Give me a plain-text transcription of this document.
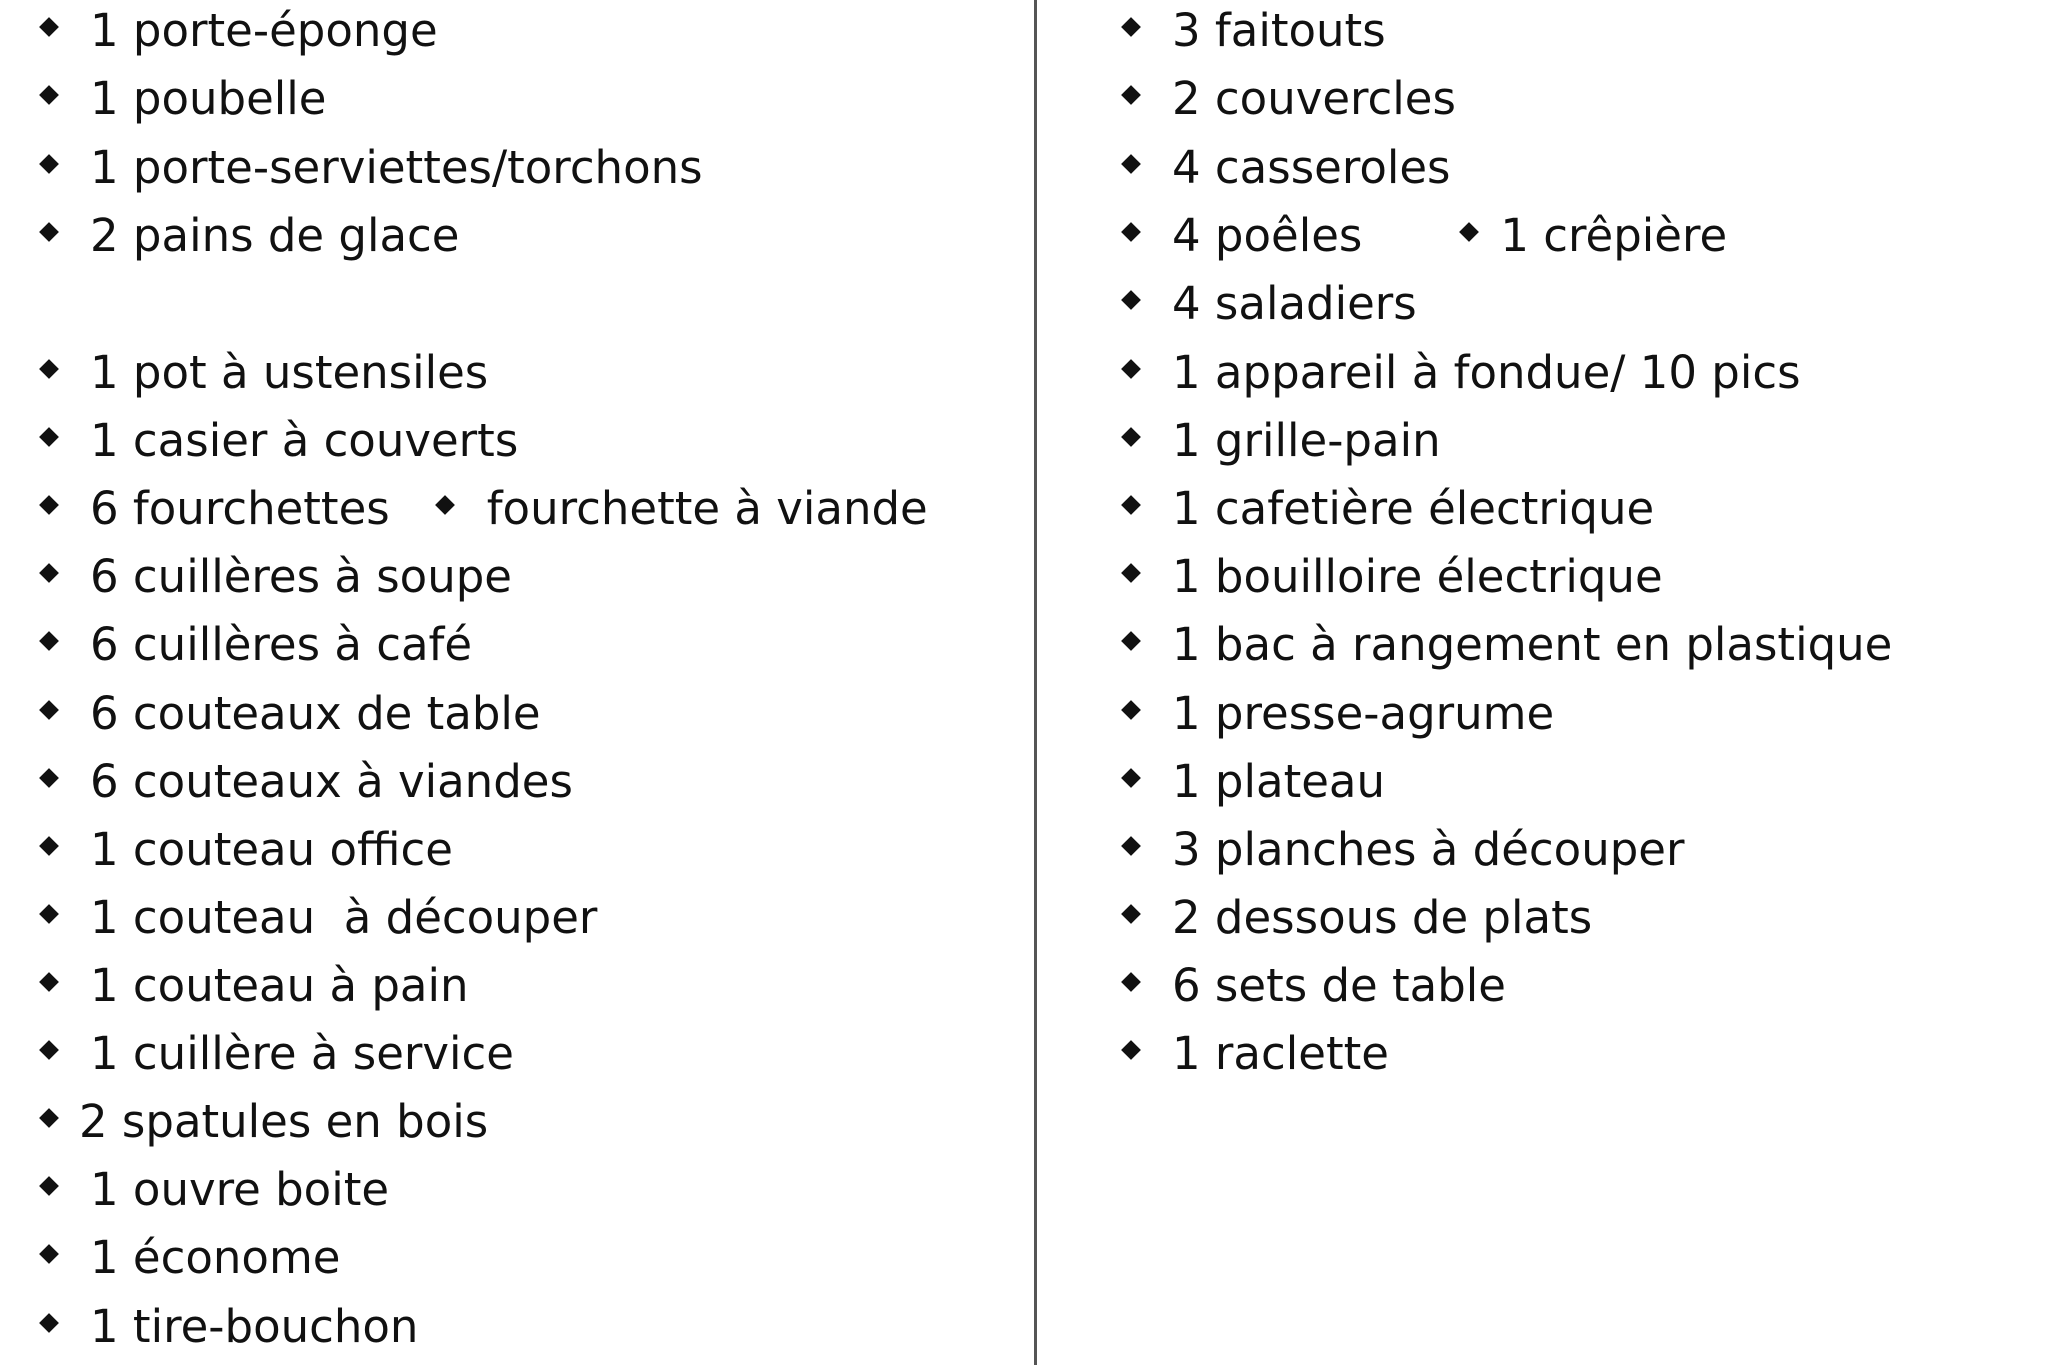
1 porte-éponge
1 poubelle
1 porte-serviettes/torchons
2 pains de glace
1 pot à ustensiles
1 casier à couverts
6 fourchettes fourchette à viande
6 cuillères à soupe
6 cuillères à café
6 couteaux de table
6 couteaux à viandes
1 couteau office
1 couteau  à découper
1 couteau à pain
1 cuillère à service
2 spatules en bois
1 ouvre boite
1 économe
1 tire-bouchon
3 faitouts
2 couvercles
4 casseroles
4 poêles	1 crêpière
4 saladiers
1 appareil à fondue/ 10 pics
1 grille-pain
1 cafetière électrique
1 bouilloire électrique
1 bac à rangement en plastique
1 presse-agrume
1 plateau
3 planches à découper
2 dessous de plats
6 sets de table
1 raclette
